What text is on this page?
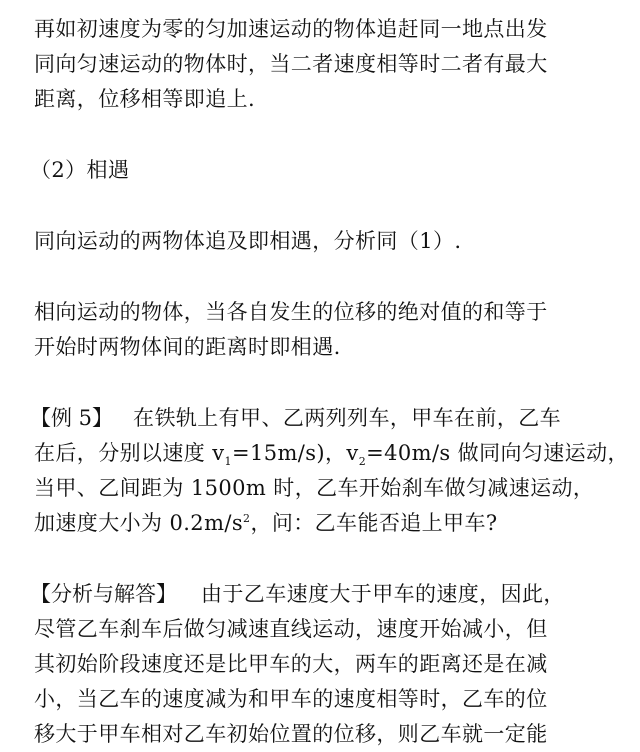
再如初速度为零的匀加速运动的物体追赶同一地点出发
同向匀速运动的物体时，当二者速度相等时二者有最大
距离，位移相等即追上.
（2）相遇
同向运动的两物体追及即相遇，分析同（1）.
相向运动的物体，当各自发生的位移的绝对值的和等于
开始时两物体间的距离时即相遇.
【例 5】 在铁轨上有甲、乙两列列车，甲车在前，乙车
在后，分别以速度 $v_1=15m/s$)，$v_2=40m/s$ 做同向匀速运动，
当甲、乙间距为 1500m 时，乙车开始刹车做匀减速运动，
加速度大小为 $0.2m/s^2$，问：乙车能否追上甲车?
【分析与解答】 由于乙车速度大于甲车的速度，因此，
尽管乙车刹车后做匀减速直线运动，速度开始减小，但
其初始阶段速度还是比甲车的大，两车的距离还是在减
小，当乙车的速度减为和甲车的速度相等时，乙车的位
移大于甲车相对乙车初始位置的位移，则乙车就一定能
